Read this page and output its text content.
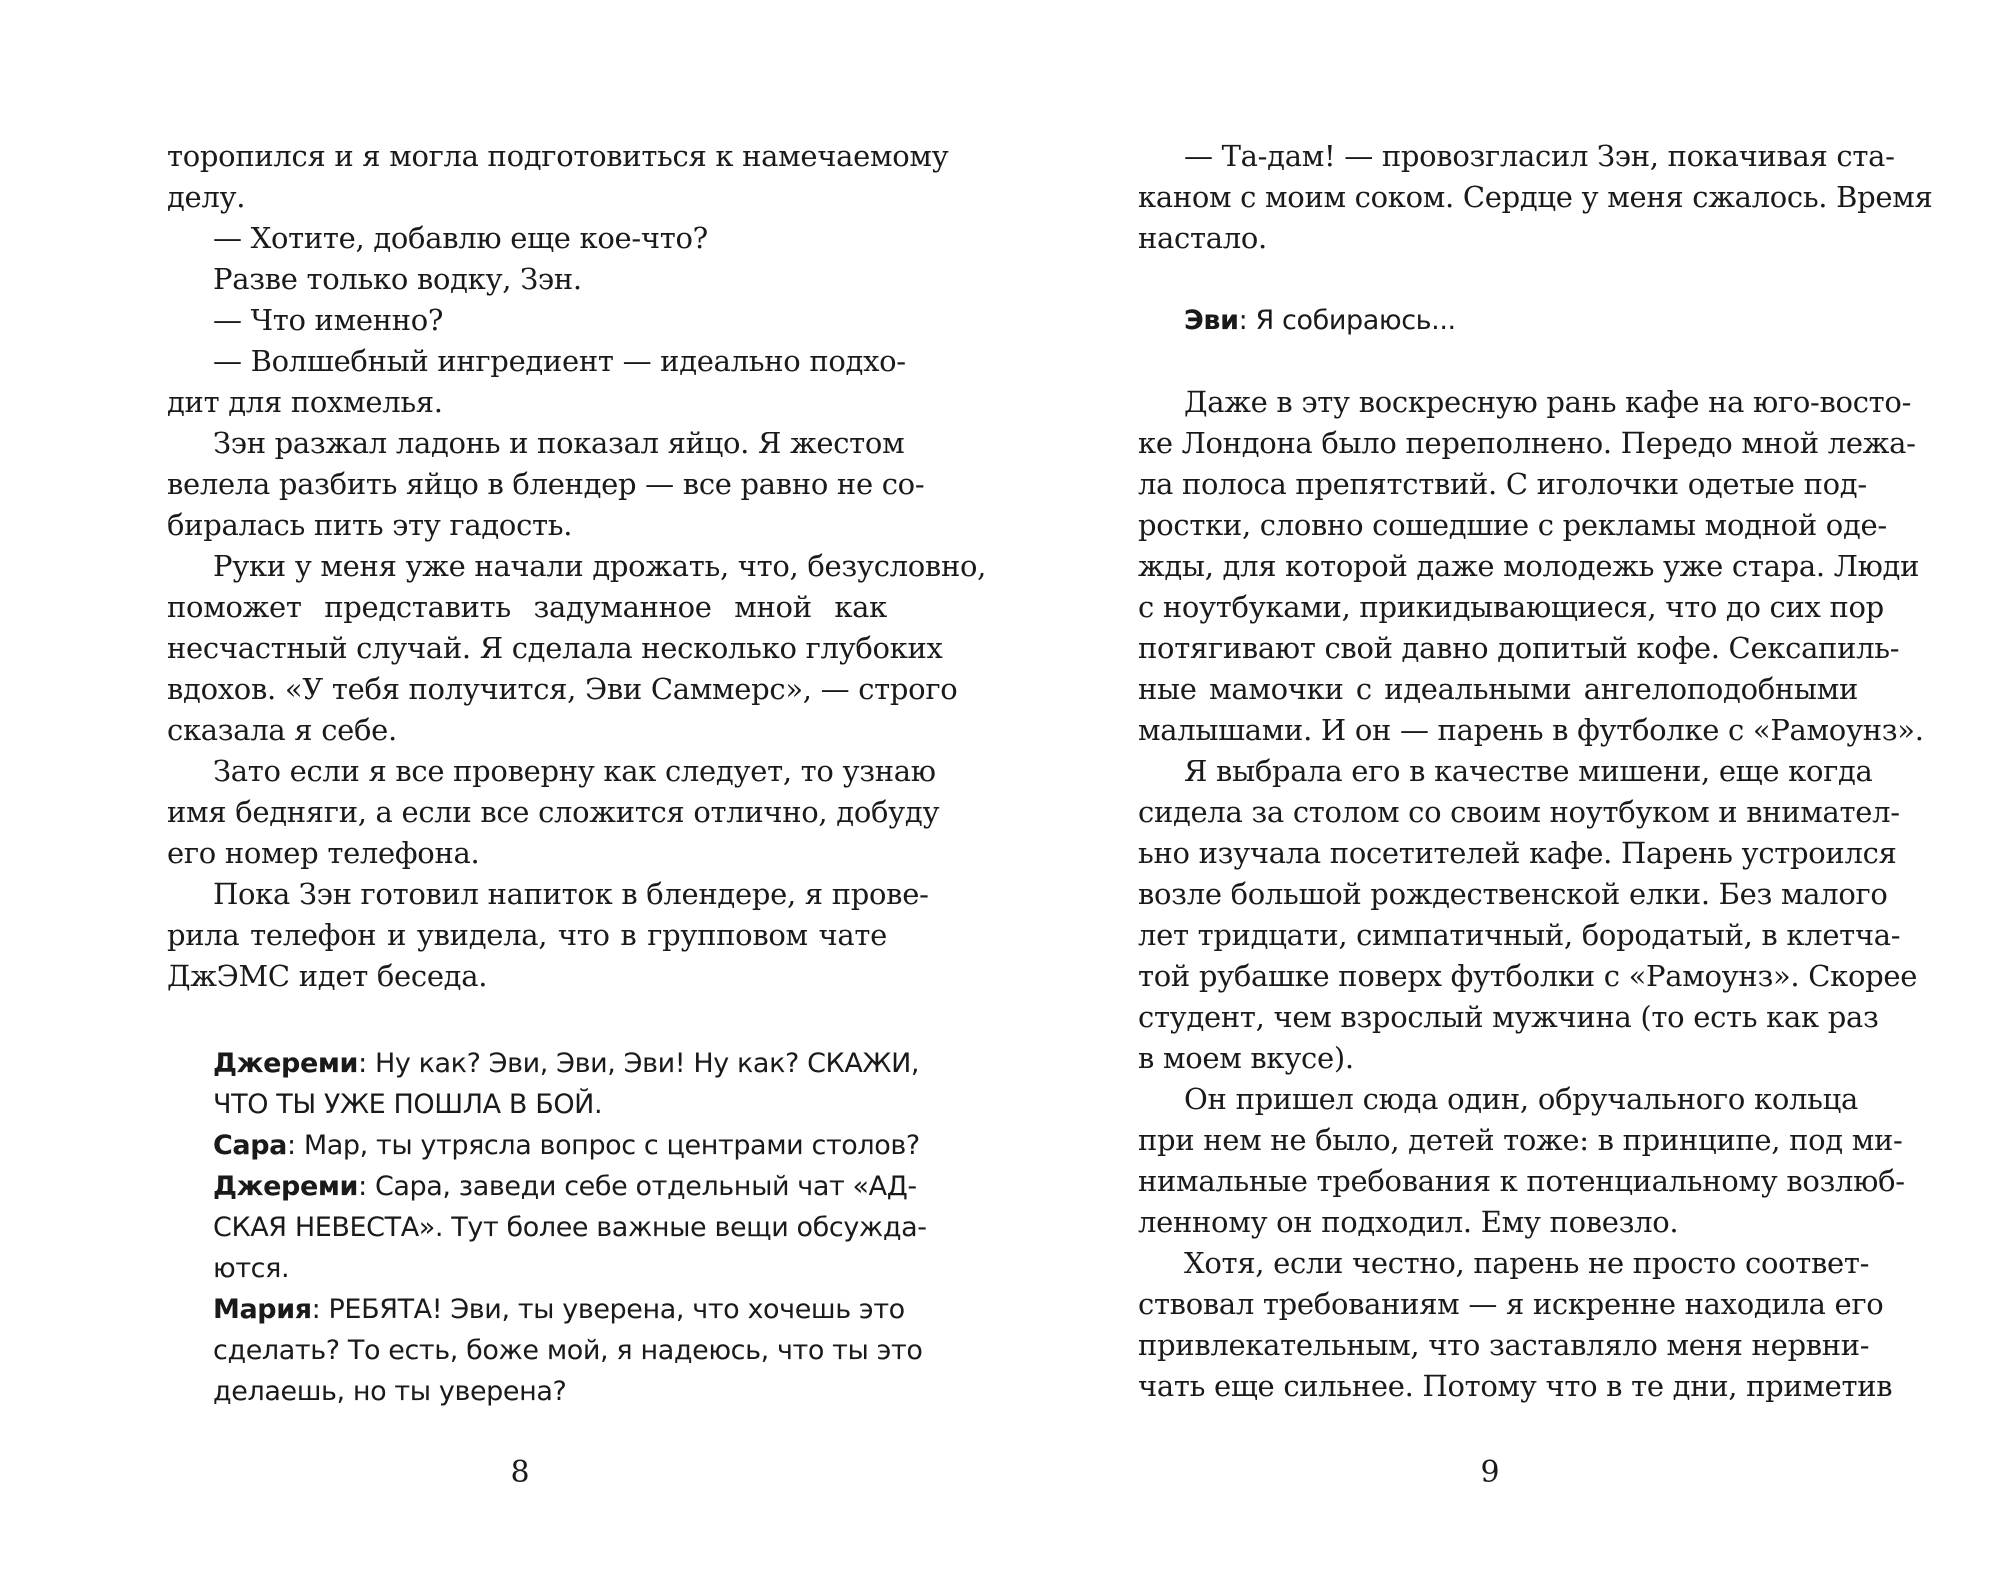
торопился и я могла подготовиться к намечаемому
делу.
— Хотите, добавлю еще кое-что?
Разве только водку, Зэн.
— Что именно?
— Волшебный ингредиент — идеально подхо-
дит для похмелья.
Зэн разжал ладонь и показал яйцо. Я жестом
велела разбить яйцо в блендер — все равно не со-
биралась пить эту гадость.
Руки у меня уже начали дрожать, что, безусловно,
поможет представить задуманное мной как
несчастный случай. Я сделала несколько глубоких
вдохов. «У тебя получится, Эви Саммерс», — строго
сказала я себе.
Зато если я все проверну как следует, то узнаю
имя бедняги, а если все сложится отлично, добуду
его номер телефона.
Пока Зэн готовил напиток в блендере, я прове-
рила телефон и увидела, что в групповом чате
ДжЭМС идет беседа.
Джереми: Ну как? Эви, Эви, Эви! Ну как? СКАЖИ,
ЧТО ТЫ УЖЕ ПОШЛА В БОЙ.
Сара: Мар, ты утрясла вопрос с центрами столов?
Джереми: Сара, заведи себе отдельный чат «АД-
СКАЯ НЕВЕСТА». Тут более важные вещи обсужда-
ются.
Мария: РЕБЯТА! Эви, ты уверена, что хочешь это
сделать? То есть, боже мой, я надеюсь, что ты это
делаешь, но ты уверена?
8
— Та-дам! — провозгласил Зэн, покачивая ста-
каном с моим соком. Сердце у меня сжалось. Время
настало.
Эви: Я собираюсь...
Даже в эту воскресную рань кафе на юго-восто-
ке Лондона было переполнено. Передо мной лежа-
ла полоса препятствий. С иголочки одетые под-
ростки, словно сошедшие с рекламы модной оде-
жды, для которой даже молодежь уже стара. Люди
с ноутбуками, прикидывающиеся, что до сих пор
потягивают свой давно допитый кофе. Сексапиль-
ные мамочки с идеальными ангелоподобными
малышами. И он — парень в футболке с «Рамоунз».
Я выбрала его в качестве мишени, еще когда
сидела за столом со своим ноутбуком и внимател-
ьно изучала посетителей кафе. Парень устроился
возле большой рождественской елки. Без малого
лет тридцати, симпатичный, бородатый, в клетча-
той рубашке поверх футболки с «Рамоунз». Скорее
студент, чем взрослый мужчина (то есть как раз
в моем вкусе).
Он пришел сюда один, обручального кольца
при нем не было, детей тоже: в принципе, под ми-
нимальные требования к потенциальному возлюб-
ленному он подходил. Ему повезло.
Хотя, если честно, парень не просто соответ-
ствовал требованиям — я искренне находила его
привлекательным, что заставляло меня нервни-
чать еще сильнее. Потому что в те дни, приметив
9
